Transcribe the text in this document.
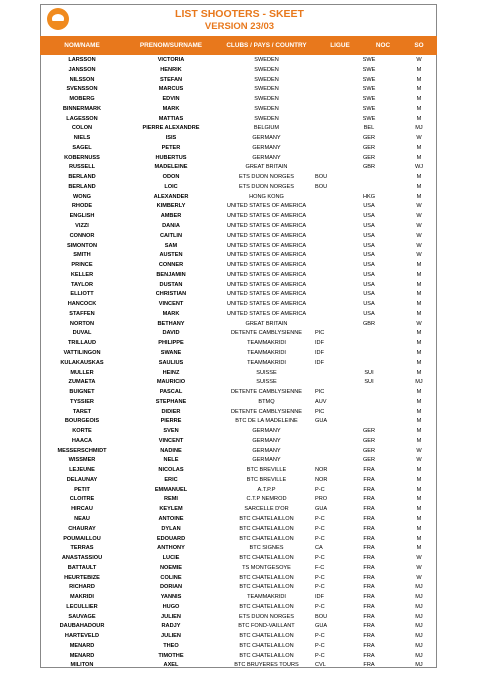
LIST SHOOTERS - SKEET
VERSION 23/03
NOM/NAME	PRENOM/SURNAME	CLUBS / PAYS / COUNTRY	LIGUE	NOC	SO
LARSSON	VICTORIA	SWEDEN		SWE	W
JANSSON	HENRIK	SWEDEN		SWE	M
NILSSON	STEFAN	SWEDEN		SWE	M
SVENSSON	MARCUS	SWEDEN		SWE	M
MOBERG	EDVIN	SWEDEN		SWE	M
BINNERMARK	MARK	SWEDEN		SWE	M
LAGESSON	MATTIAS	SWEDEN		SWE	M
COLON	PIERRE ALEXANDRE	BELGIUM		BEL	MJ
NIELS	ISIS	GERMANY		GER	W
SAGEL	PETER	GERMANY		GER	M
KOBERNUSS	HUBERTUS	GERMANY		GER	M
RUSSELL	MADELEINE	GREAT BRITAIN		GBR	WJ
BERLAND	ODON	ETS DIJON NORGES	BOU		M
BERLAND	LOIC	ETS DIJON NORGES	BOU		M
WONG	ALEXANDER	HONG KONG		HKG	M
RHODE	KIMBERLY	UNITED STATES OF AMERICA		USA	W
ENGLISH	AMBER	UNITED STATES OF AMERICA		USA	W
VIZZI	DANIA	UNITED STATES OF AMERICA		USA	W
CONNOR	CAITLIN	UNITED STATES OF AMERICA		USA	W
SIMONTON	SAM	UNITED STATES OF AMERICA		USA	W
SMITH	AUSTEN	UNITED STATES OF AMERICA		USA	W
PRINCE	CONNER	UNITED STATES OF AMERICA		USA	M
KELLER	BENJAMIN	UNITED STATES OF AMERICA		USA	M
TAYLOR	DUSTAN	UNITED STATES OF AMERICA		USA	M
ELLIOTT	CHRISTIAN	UNITED STATES OF AMERICA		USA	M
HANCOCK	VINCENT	UNITED STATES OF AMERICA		USA	M
STAFFEN	MARK	UNITED STATES OF AMERICA		USA	M
NORTON	BETHANY	GREAT BRITAIN		GBR	W
DUVAL	DAVID	DETENTE CAMBLYSIENNE	PIC		M
TRILLAUD	PHILIPPE	TEAMMAKRIDI	IDF		M
VATTILINGON	SWANE	TEAMMAKRIDI	IDF		M
KULAKAUSKAS	SAULIUS	TEAMMAKRIDI	IDF		M
MULLER	HEINZ	SUISSE		SUI	M
ZUMAETA	MAURICIO	SUISSE		SUI	MJ
BUIGNET	PASCAL	DETENTE CAMBLYSIENNE	PIC		M
TYSSIER	STEPHANE	BTMQ	AUV		M
TARET	DIDIER	DETENTE CAMBLYSIENNE	PIC		M
BOURGEOIS	PIERRE	BTC DE LA MADELEINE	GUA		M
KORTE	SVEN	GERMANY		GER	M
HAACA	VINCENT	GERMANY		GER	M
MESSERSCHMIDT	NADINE	GERMANY		GER	W
WISSMER	NELE	GERMANY		GER	W
LEJEUNE	NICOLAS	BTC BREVILLE	NOR	FRA	M
DELAUNAY	ERIC	BTC BREVILLE	NOR	FRA	M
PETIT	EMMANUEL	A.T.P.P	P-C	FRA	M
CLOITRE	REMI	C.T.P NEMROD	PRO	FRA	M
HIRCAU	KEYLEM	SARCELLE D'OR	GUA	FRA	M
NEAU	ANTOINE	BTC CHATELAILLON	P-C	FRA	M
CHAURAY	DYLAN	BTC CHATELAILLON	P-C	FRA	M
POUMAILLOU	EDOUARD	BTC CHATELAILLON	P-C	FRA	M
TERRAS	ANTHONY	BTC SIGNES	CA	FRA	M
ANASTASSIOU	LUCIE	BTC CHATELAILLON	P-C	FRA	W
BATTAULT	NOEMIE	TS MONTGESOYE	F-C	FRA	W
HEURTEBIZE	COLINE	BTC CHATELAILLON	P-C	FRA	W
RICHARD	DORIAN	BTC CHATELAILLON	P-C	FRA	MJ
MAKRIDI	YANNIS	TEAMMAKRIDI	IDF	FRA	MJ
LECULLIER	HUGO	BTC CHATELAILLON	P-C	FRA	MJ
SAUVAGE	JULIEN	ETS DIJON NORGES	BOU	FRA	MJ
DAUBAHADOUR	RADJY	BTC FOND-VAILLANT	GUA	FRA	MJ
HARTEVELD	JULIEN	BTC CHATELAILLON	P-C	FRA	MJ
MENARD	THEO	BTC CHATELAILLON	P-C	FRA	MJ
MENARD	TIMOTHE	BTC CHATELAILLON	P-C	FRA	MJ
MILITON	AXEL	BTC BRUYERES TOURS	CVL	FRA	MJ
